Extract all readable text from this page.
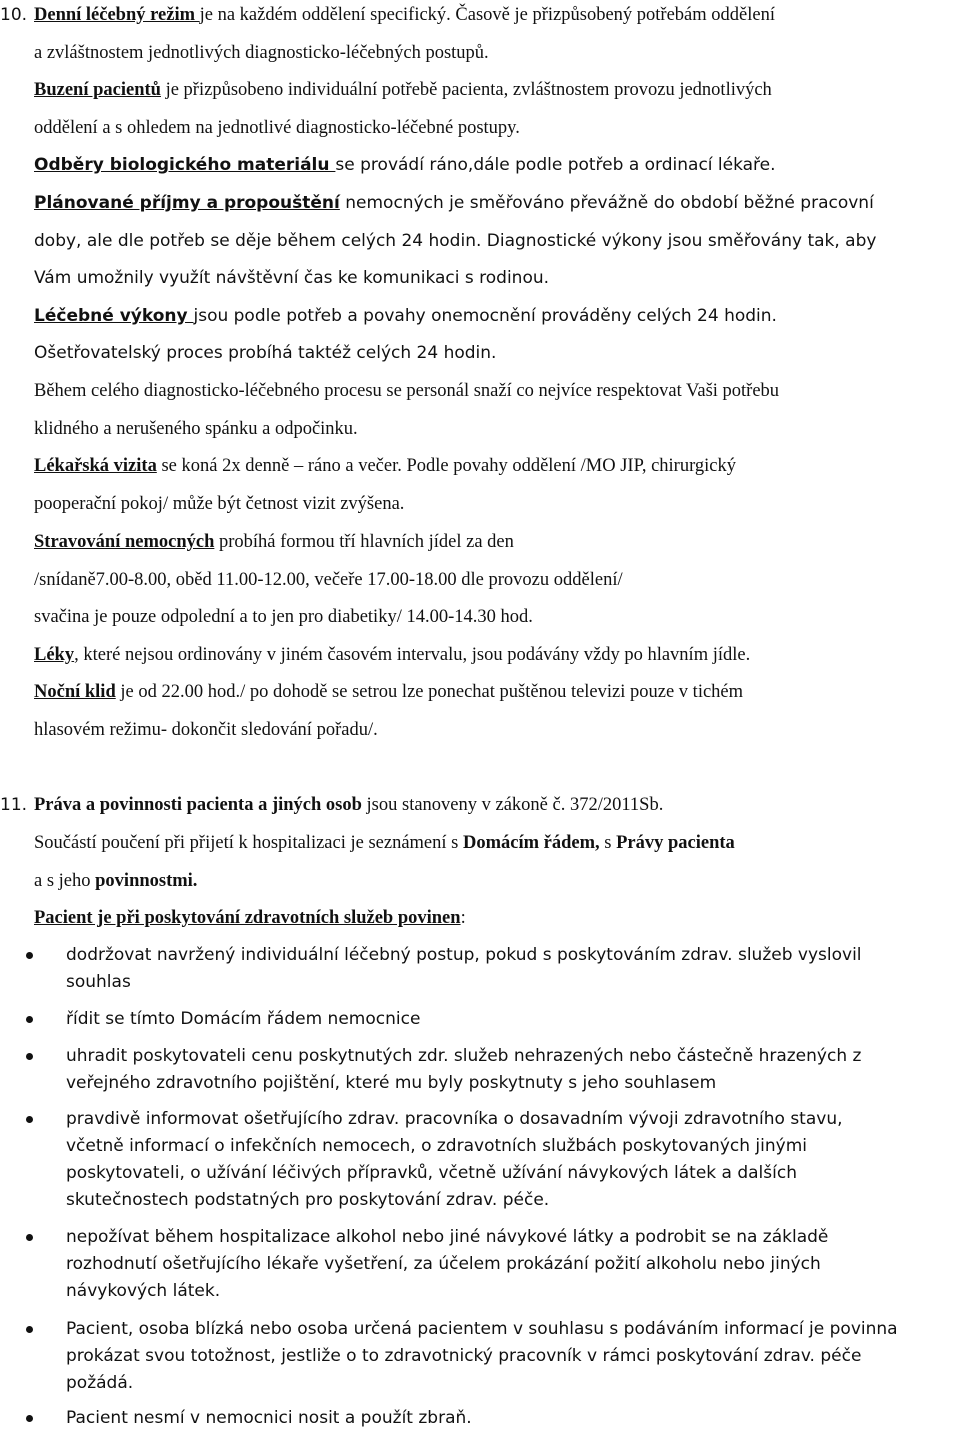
10. Denní léčebný režim je na každém oddělení specifický. Časově je přizpůsobený potřebám oddělení
a zvláštnostem jednotlivých diagnosticko-léčebných postupů.
Buzení pacientů je přizpůsobeno individuální potřebě pacienta, zvláštnostem provozu jednotlivých
oddělení a s ohledem na jednotlivé diagnosticko-léčebné postupy.
Odběry biologického materiálu se provádí ráno,dále podle potřeb a ordinací lékaře.
Plánované příjmy a propouštění nemocných je směřováno převážně do období běžné pracovní
doby, ale dle potřeb se děje během celých 24 hodin. Diagnostické výkony jsou směřovány tak, aby
Vám umožnily využít návštěvní čas ke komunikaci s rodinou.
Léčebné výkony jsou podle potřeb a povahy onemocnění prováděny celých 24 hodin.
Ošetřovatelský proces probíhá taktéž celých 24 hodin.
Během celého diagnosticko-léčebného procesu se personál snaží co nejvíce respektovat Vaši potřebu
klidného a nerušeného spánku a odpočinku.
Lékařská vizita se koná 2x denně – ráno a večer. Podle povahy oddělení /MO JIP, chirurgický
pooperační pokoj/ může být četnost vizit zvýšena.
Stravování nemocných probíhá formou tří hlavních jídel za den
/snídaně7.00-8.00, oběd 11.00-12.00, večeře 17.00-18.00 dle provozu oddělení/
svačina je pouze odpolední a to jen pro diabetiky/ 14.00-14.30 hod.
Léky, které nejsou ordinovány v jiném časovém intervalu, jsou podávány vždy po hlavním jídle.
Noční klid je od 22.00 hod./ po dohodě se setrou lze ponechat puštěnou televizi pouze v tichém
hlasovém režimu- dokončit sledování pořadu/.
11. Práva a povinnosti pacienta a jiných osob jsou stanoveny v zákoně č. 372/2011Sb.
Součástí poučení při přijetí k hospitalizaci je seznámení s Domácím řádem, s Právy pacienta
a s jeho povinnostmi.
Pacient je při poskytování zdravotních služeb povinen:
dodržovat navržený individuální léčebný postup, pokud s poskytováním zdrav. služeb vyslovil
souhlas
řídit se tímto Domácím řádem nemocnice
uhradit poskytovateli cenu poskytnutých zdr. služeb nehrazených nebo částečně hrazených z
veřejného zdravotního pojištění, které mu byly poskytnuty s jeho souhlasem
pravdivě informovat ošetřujícího zdrav. pracovníka o dosavadním vývoji zdravotního stavu,
včetně informací o infekčních nemocech, o zdravotních službách poskytovaných jinými
poskytovateli, o užívání léčivých přípravků, včetně užívání návykových látek a dalších
skutečnostech podstatných pro poskytování zdrav. péče.
nepožívat během hospitalizace alkohol nebo jiné návykové látky a podrobit se na základě
rozhodnutí ošetřujícího lékaře vyšetření, za účelem prokázání požití alkoholu nebo jiných
návykových látek.
Pacient, osoba blízká nebo osoba určená pacientem v souhlasu s podáváním informací je povinna
prokázat svou totožnost, jestliže o to zdravotnický pracovník v rámci poskytování zdrav. péče
požádá.
Pacient nesmí v nemocnici nosit a použít zbraň.
